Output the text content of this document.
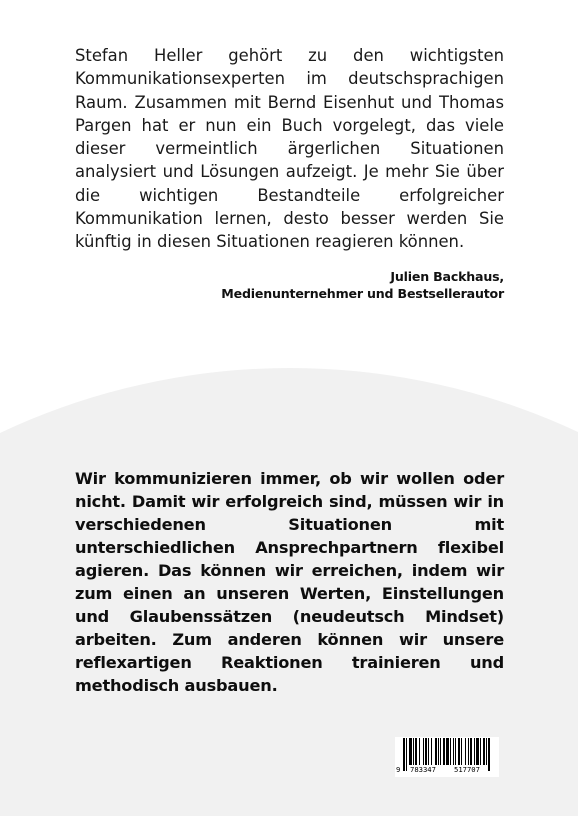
Stefan Heller gehört zu den wichtigsten Kommunikationsexperten im deutschsprachigen Raum. Zusammen mit Bernd Eisenhut und Thomas Pargen hat er nun ein Buch vorgelegt, das viele dieser vermeintlich ärgerlichen Situationen analysiert und Lösungen aufzeigt. Je mehr Sie über die wichtigen Bestandteile erfolgreicher Kommunikation lernen, desto besser werden Sie künftig in diesen Situationen reagieren können.

Julien Backhaus,
Medienunternehmer und Bestsellerautor

Wir kommunizieren immer, ob wir wollen oder nicht. Damit wir erfolgreich sind, müssen wir in verschiedenen Situationen mit unterschiedlichen Ansprechpartnern flexibel agieren. Das können wir erreichen, indem wir zum einen an unseren Werten, Einstellungen und Glaubenssätzen (neudeutsch Mindset) arbeiten. Zum anderen können wir unsere reflexartigen Reaktionen trainieren und methodisch ausbauen.

9 783347	517707
